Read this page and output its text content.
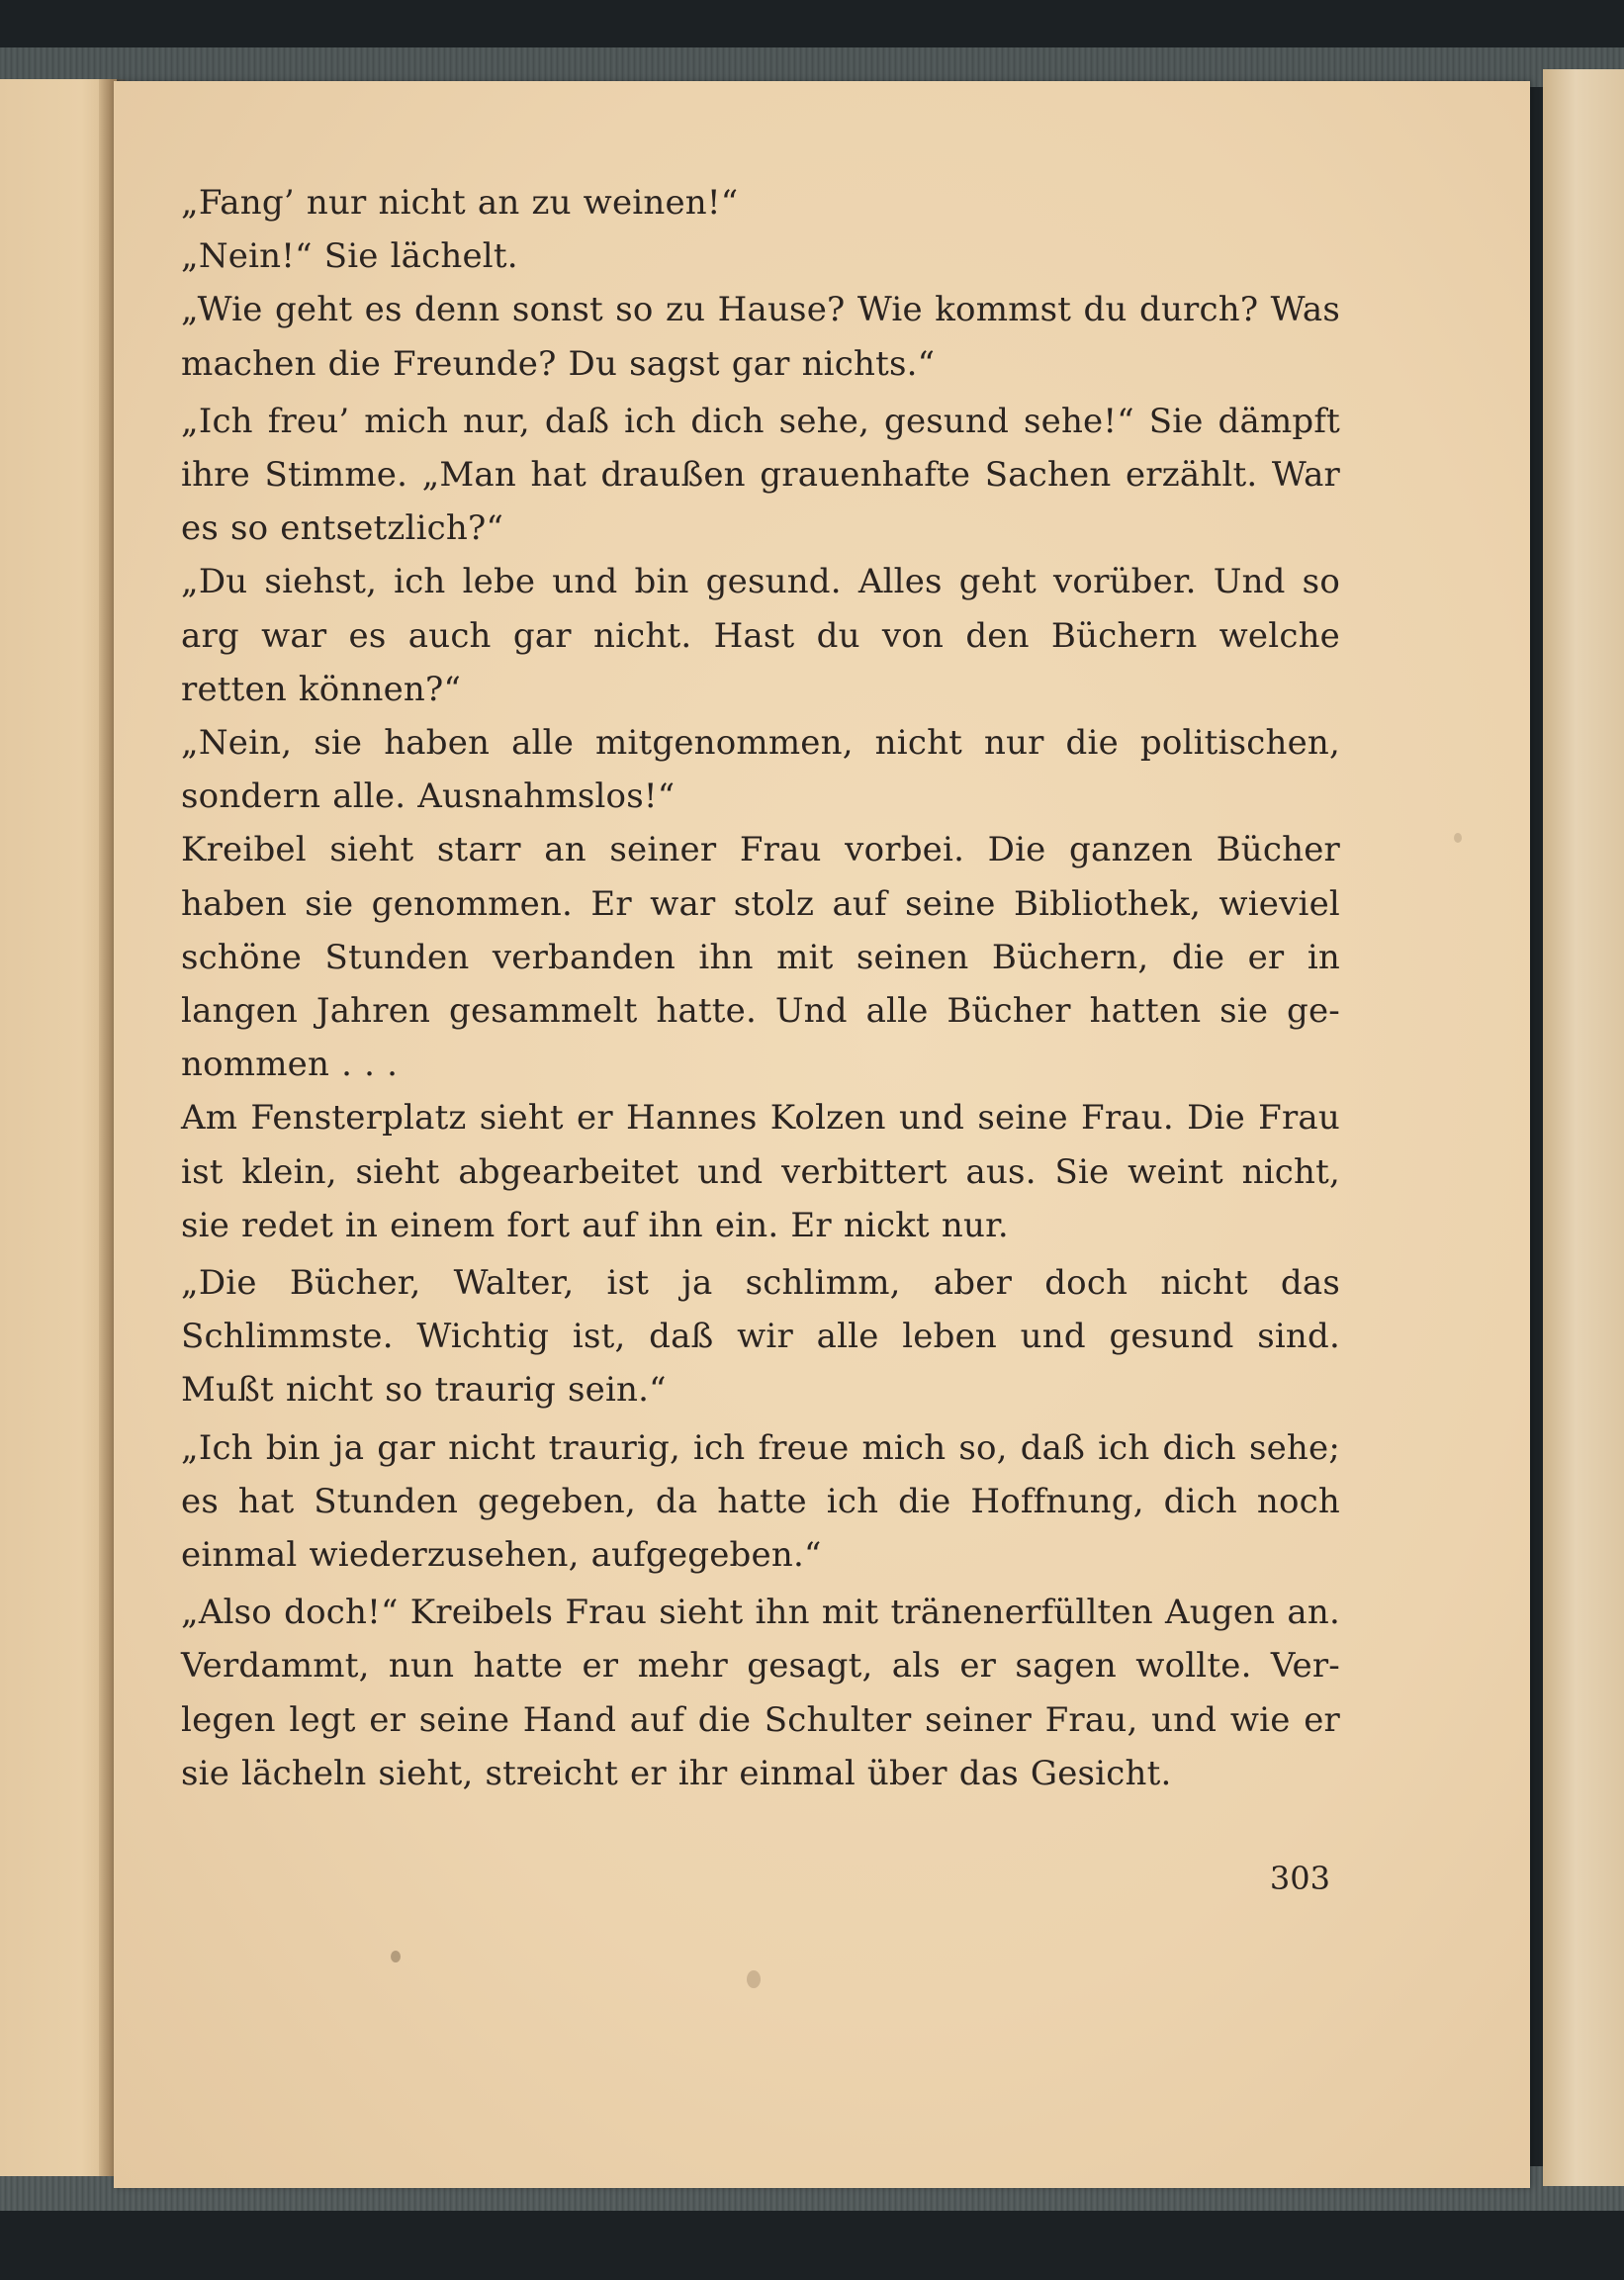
„Fang’ nur nicht an zu weinen!“

„Nein!“ Sie lächelt.

„Wie geht es denn sonst so zu Hause? Wie kommst du durch? Was machen die Freunde? Du sagst gar nichts.“

„Ich freu’ mich nur, daß ich dich sehe, gesund sehe!“ Sie dämpft ihre Stimme. „Man hat draußen grauenhafte Sachen erzählt. War es so entsetzlich?“

„Du siehst, ich lebe und bin gesund. Alles geht vorüber. Und so arg war es auch gar nicht. Hast du von den Büchern welche retten können?“

„Nein, sie haben alle mitgenommen, nicht nur die politischen, sondern alle. Ausnahmslos!“

Kreibel sieht starr an seiner Frau vorbei. Die ganzen Bücher haben sie genommen. Er war stolz auf seine Bibliothek, wieviel schöne Stunden verbanden ihn mit seinen Büchern, die er in langen Jahren gesammelt hatte. Und alle Bücher hatten sie ge-nommen . . .

Am Fensterplatz sieht er Hannes Kolzen und seine Frau. Die Frau ist klein, sieht abgearbeitet und verbittert aus. Sie weint nicht, sie redet in einem fort auf ihn ein. Er nickt nur.

„Die Bücher, Walter, ist ja schlimm, aber doch nicht das Schlimmste. Wichtig ist, daß wir alle leben und gesund sind. Mußt nicht so traurig sein.“

„Ich bin ja gar nicht traurig, ich freue mich so, daß ich dich sehe; es hat Stunden gegeben, da hatte ich die Hoffnung, dich noch einmal wiederzusehen, aufgegeben.“

„Also doch!“ Kreibels Frau sieht ihn mit tränenerfüllten Augen an. Verdammt, nun hatte er mehr gesagt, als er sagen wollte. Ver-legen legt er seine Hand auf die Schulter seiner Frau, und wie er sie lächeln sieht, streicht er ihr einmal über das Gesicht.

303
